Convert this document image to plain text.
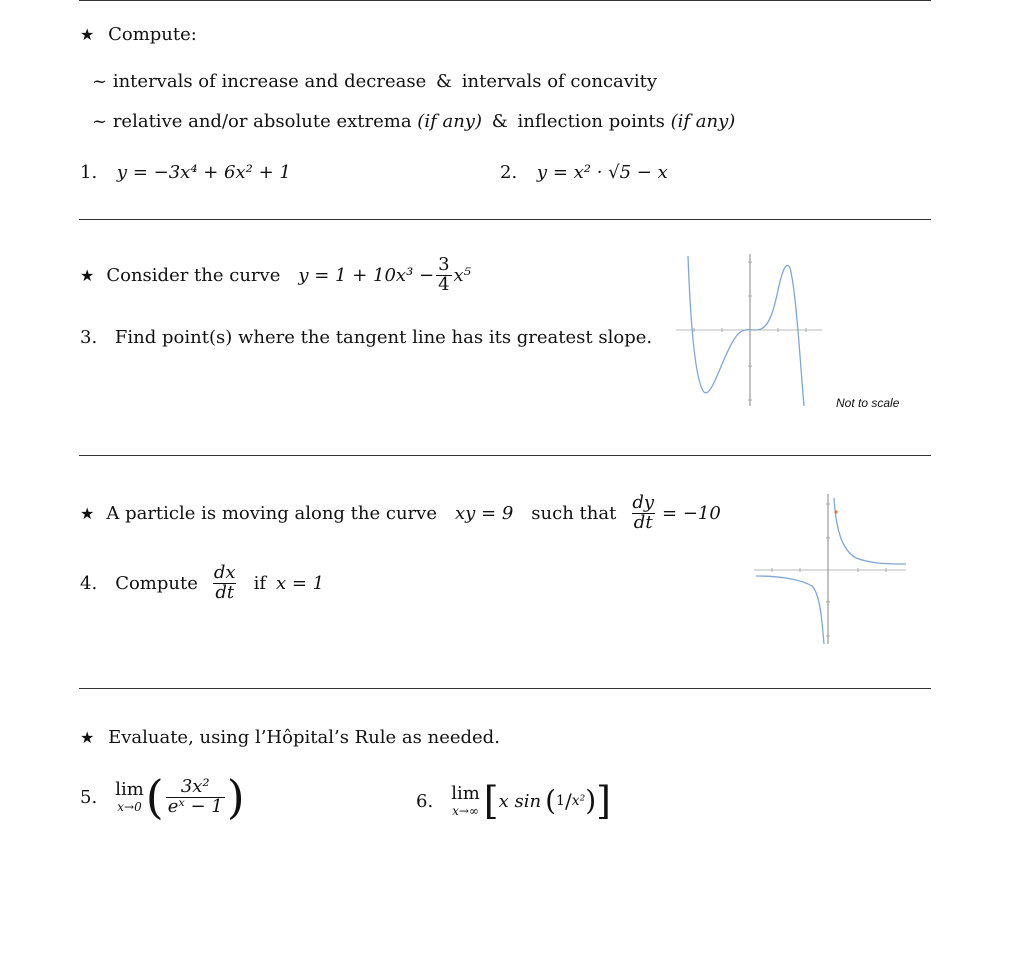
★ Compute:
~ intervals of increase and decrease & intervals of concavity
~ relative and/or absolute extrema (if any) & inflection points (if any)
1. y = −3x⁴ + 6x² + 1	2. y = x² · √5 − x
★ Consider the curve $y = 1 + 10x^3 - \frac{3}{4} x^5$
3. Find point(s) where the tangent line has its greatest slope.
Not to scale
★ A particle is moving along the curve xy = 9 such that $\frac{dy}{dt} = -10$
4. Compute $\frac{dx}{dt}$ if x = 1
★ Evaluate, using l’Hôpital’s Rule as needed.
5. lim
x→0 ( $\frac{\text{3x²}}{\text{eˣ − 1}}$ )	6. lim
x→∞ [ x sin ( 1 / x² ) ]
